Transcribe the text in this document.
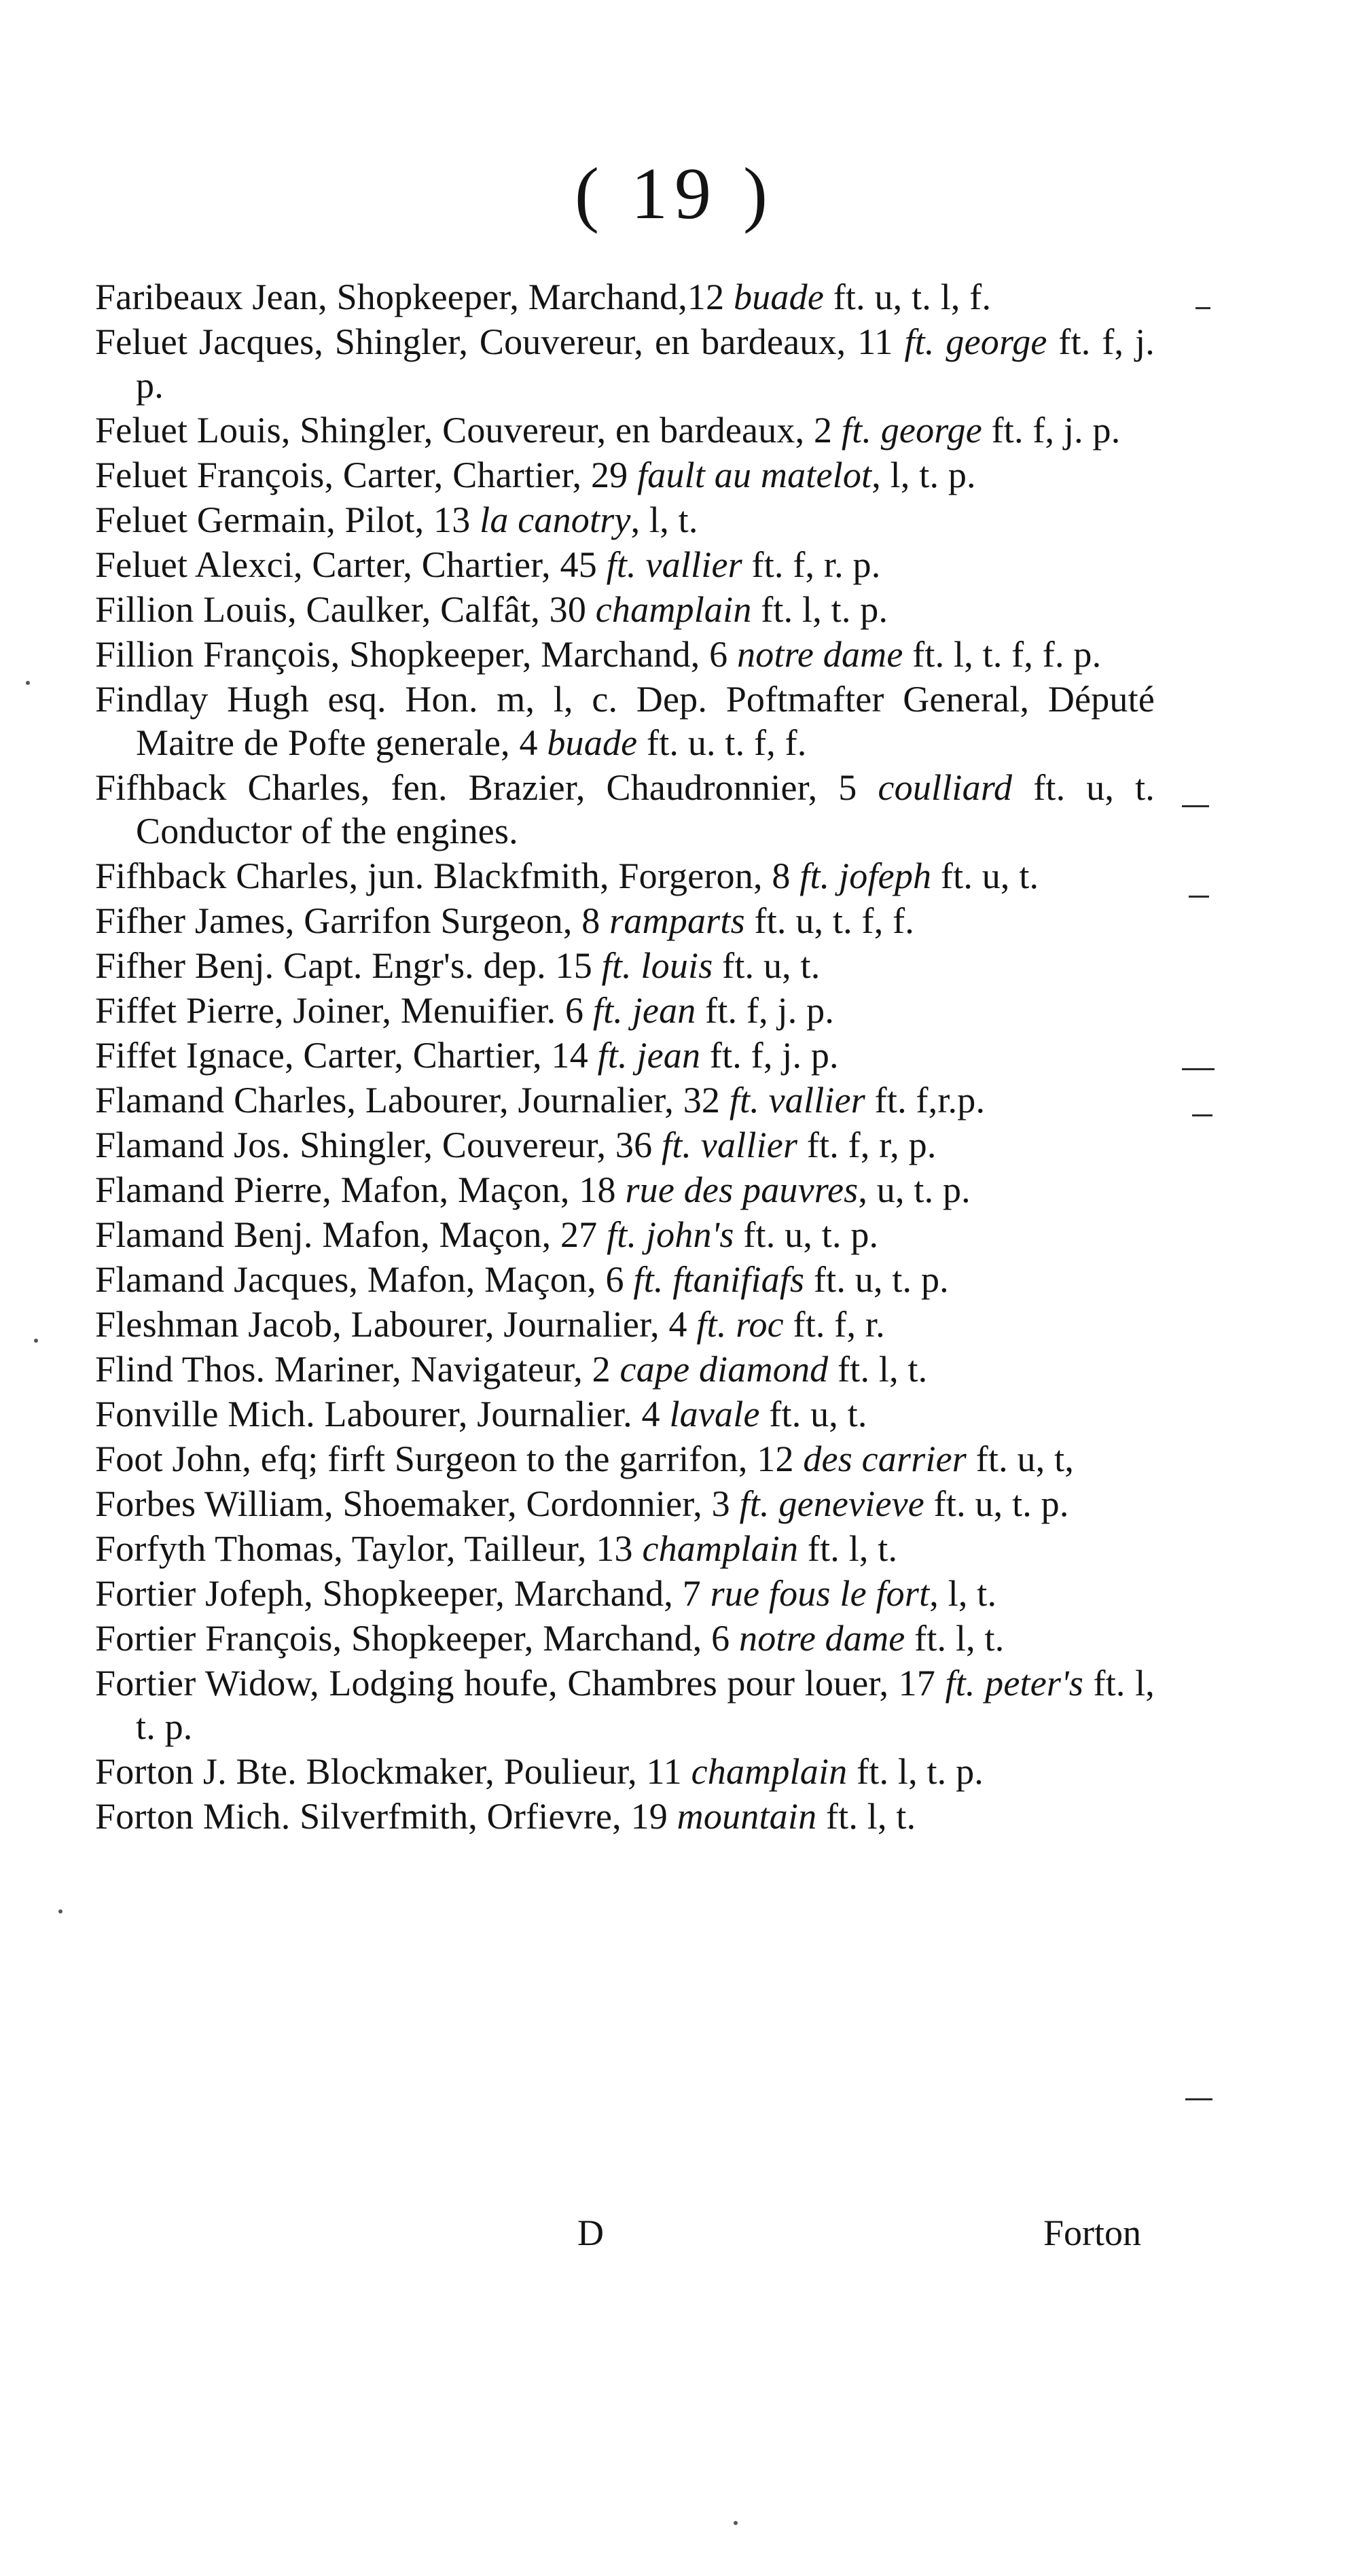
( 19 )
Faribeaux Jean, Shopkeeper, Marchand,12 buade ft. u, t. l, f.
Feluet Jacques, Shingler, Couvereur, en bardeaux, 11 ft. george ft. f, j. p.
Feluet Louis, Shingler, Couvereur, en bardeaux, 2 ft. george ft. f, j. p.
Feluet François, Carter, Chartier, 29 fault au matelot, l, t. p.
Feluet Germain, Pilot, 13 la canotry, l, t.
Feluet Alexci, Carter, Chartier, 45 ft. vallier ft. f, r. p.
Fillion Louis, Caulker, Calfât, 30 champlain ft. l, t. p.
Fillion François, Shopkeeper, Marchand, 6 notre dame ft. l, t. f, f. p.
Findlay Hugh esq. Hon. m, l, c. Dep. Poftmafter General, Député Maitre de Pofte generale, 4 buade ft. u. t. f, f.
Fifhback Charles, fen. Brazier, Chaudronnier, 5 coulliard ft. u, t. Conductor of the engines.
Fifhback Charles, jun. Blackfmith, Forgeron, 8 ft. jofeph ft. u, t.
Fifher James, Garrifon Surgeon, 8 ramparts ft. u, t. f, f.
Fifher Benj. Capt. Engr's. dep. 15 ft. louis ft. u, t.
Fiffet Pierre, Joiner, Menuifier. 6 ft. jean ft. f, j. p.
Fiffet Ignace, Carter, Chartier, 14 ft. jean ft. f, j. p.
Flamand Charles, Labourer, Journalier, 32 ft. vallier ft. f,r.p.
Flamand Jos. Shingler, Couvereur, 36 ft. vallier ft. f, r, p.
Flamand Pierre, Mafon, Maçon, 18 rue des pauvres, u, t. p.
Flamand Benj. Mafon, Maçon, 27 ft. john's ft. u, t. p.
Flamand Jacques, Mafon, Maçon, 6 ft. ftanifiafs ft. u, t. p.
Fleshman Jacob, Labourer, Journalier, 4 ft. roc ft. f, r.
Flind Thos. Mariner, Navigateur, 2 cape diamond ft. l, t.
Fonville Mich. Labourer, Journalier. 4 lavale ft. u, t.
Foot John, efq; firft Surgeon to the garrifon, 12 des carrier ft. u, t,
Forbes William, Shoemaker, Cordonnier, 3 ft. genevieve ft. u, t. p.
Forfyth Thomas, Taylor, Tailleur, 13 champlain ft. l, t.
Fortier Jofeph, Shopkeeper, Marchand, 7 rue fous le fort, l, t.
Fortier François, Shopkeeper, Marchand, 6 notre dame ft. l, t.
Fortier Widow, Lodging houfe, Chambres pour louer, 17 ft. peter's ft. l, t. p.
Forton J. Bte. Blockmaker, Poulieur, 11 champlain ft. l, t. p.
Forton Mich. Silverfmith, Orfievre, 19 mountain ft. l, t.
D	Forton
